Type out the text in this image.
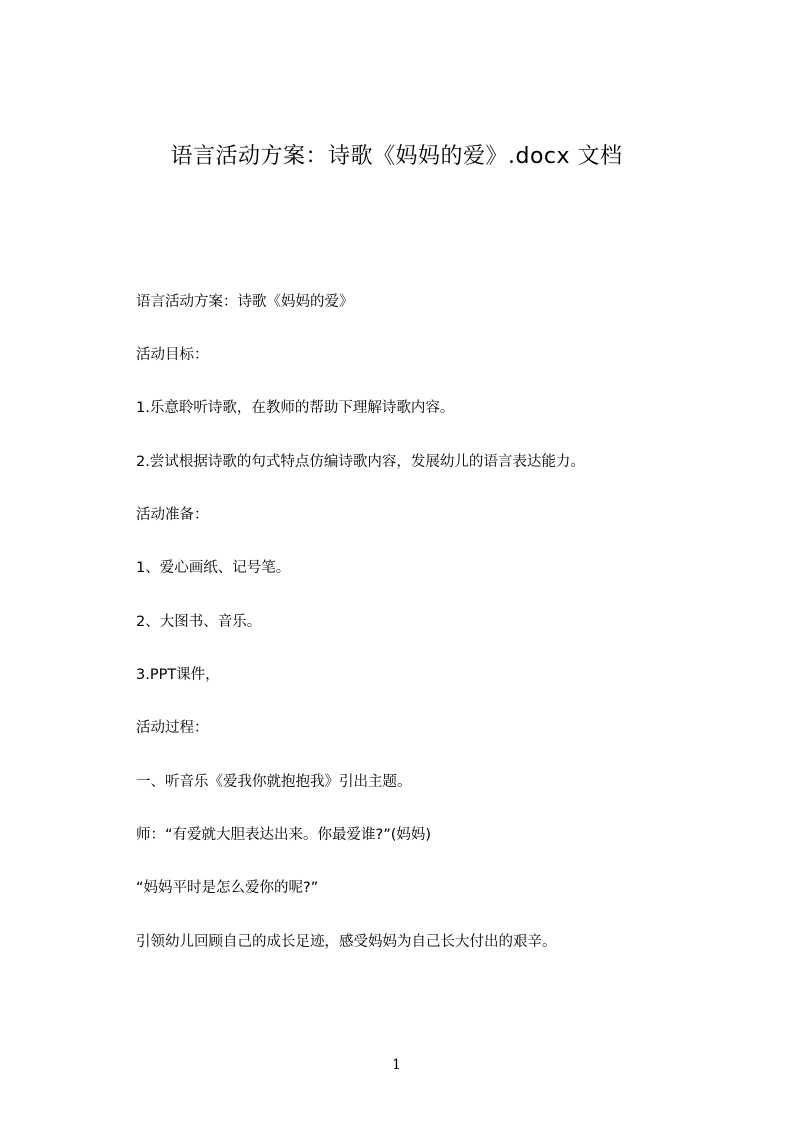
语言活动方案：诗歌《妈妈的爱》.docx 文档
语言活动方案：诗歌《妈妈的爱》
活动目标：
1.乐意聆听诗歌，在教师的帮助下理解诗歌内容。
2.尝试根据诗歌的句式特点仿编诗歌内容，发展幼儿的语言表达能力。
活动准备：
1、爱心画纸、记号笔。
2、大图书、音乐。
3.PPT课件，
活动过程：
一、听音乐《爱我你就抱抱我》引出主题。
师：“有爱就大胆表达出来。你最爱谁?”(妈妈)
“妈妈平时是怎么爱你的呢?”
引领幼儿回顾自己的成长足迹，感受妈妈为自己长大付出的艰辛。
1
